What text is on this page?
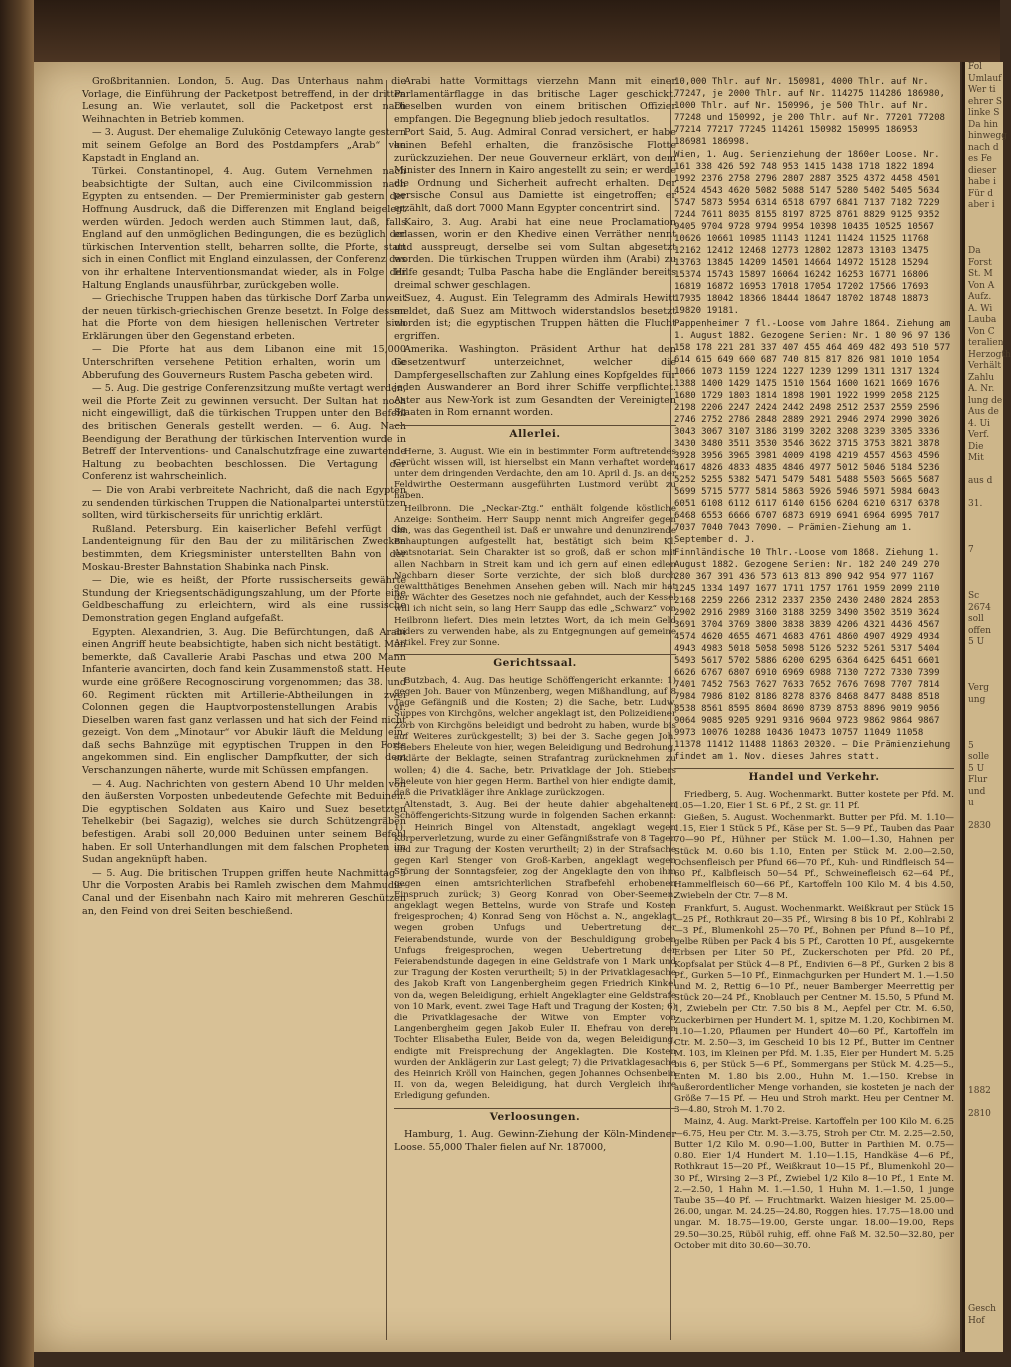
Großbritannien. London, 5. Aug. Das Unterhaus nahm die Vorlage, die Einführung der Packetpost betreffend, in der dritten Lesung an. Wie verlautet, soll die Packetpost erst nach Weihnachten in Betrieb kommen.

— 3. August. Der ehemalige Zulukönig Cetewayo langte gestern mit seinem Gefolge an Bord des Postdampfers „Arab“ von Kapstadt in England an.

Türkei. Constantinopel, 4. Aug. Gutem Vernehmen nach beabsichtigte der Sultan, auch eine Civilcommission nach Egypten zu entsenden. — Der Premierminister gab gestern der Hoffnung Ausdruck, daß die Differenzen mit England beigelegt werden würden. Jedoch werden auch Stimmen laut, daß, falls England auf den unmöglichen Bedingungen, die es bezüglich der türkischen Intervention stellt, beharren sollte, die Pforte, statt sich in einen Conflict mit England einzulassen, der Conferenz das von ihr erhaltene Interventionsmandat wieder, als in Folge der Haltung Englands unausführbar, zurückgeben wolle.

— Griechische Truppen haben das türkische Dorf Zarba unweit der neuen türkisch-griechischen Grenze besetzt. In Folge dessen hat die Pforte von dem hiesigen hellenischen Vertreter sich Erklärungen über den Gegenstand erbeten.

— Die Pforte hat aus dem Libanon eine mit 15,000 Unterschriften versehene Petition erhalten, worin um die Abberufung des Gouverneurs Rustem Pascha gebeten wird.

— 5. Aug. Die gestrige Conferenzsitzung mußte vertagt werden, weil die Pforte Zeit zu gewinnen versucht. Der Sultan hat noch nicht eingewilligt, daß die türkischen Truppen unter den Befehl des britischen Generals gestellt werden. — 6. Aug. Nach Beendigung der Berathung der türkischen Intervention wurde in Betreff der Interventions- und Canalschutzfrage eine zuwartende Haltung zu beobachten beschlossen. Die Vertagung der Conferenz ist wahrscheinlich.

— Die von Arabi verbreitete Nachricht, daß die nach Egypten zu sendenden türkischen Truppen die Nationalpartei unterstützen sollten, wird türkischerseits für unrichtig erklärt.

Rußland. Petersburg. Ein kaiserlicher Befehl verfügt die Landenteignung für den Bau der zu militärischen Zwecken bestimmten, dem Kriegsminister unterstellten Bahn von der Moskau-Brester Bahnstation Shabinka nach Pinsk.

— Die, wie es heißt, der Pforte russischerseits gewährte Stundung der Kriegsentschädigungszahlung, um der Pforte eine Geldbeschaffung zu erleichtern, wird als eine russische Demonstration gegen England aufgefaßt.

Egypten. Alexandrien, 3. Aug. Die Befürchtungen, daß Arabi einen Angriff heute beabsichtigte, haben sich nicht bestätigt. Man bemerkte, daß Cavallerie Arabi Paschas und etwa 200 Mann Infanterie avancirten, doch fand kein Zusammenstoß statt. Heute wurde eine größere Recognoscirung vorgenommen; das 38. und 60. Regiment rückten mit Artillerie-Abtheilungen in zwei Colonnen gegen die Hauptvorpostenstellungen Arabis vor. Dieselben waren fast ganz verlassen und hat sich der Feind nicht gezeigt. Von dem „Minotaur“ vor Abukir läuft die Meldung ein, daß sechs Bahnzüge mit egyptischen Truppen in den Forts angekommen sind. Ein englischer Dampfkutter, der sich dem Verschanzungen näherte, wurde mit Schüssen empfangen.

— 4. Aug. Nachrichten von gestern Abend 10 Uhr melden von den äußersten Vorposten unbedeutende Gefechte mit Beduinen. Die egyptischen Soldaten aus Kairo und Suez besetzten Tehelkebir (bei Sagazig), welches sie durch Schützengräben befestigen. Arabi soll 20,000 Beduinen unter seinem Befehl haben. Er soll Unterhandlungen mit dem falschen Propheten im Sudan angeknüpft haben.

— 5. Aug. Die britischen Truppen griffen heute Nachmittag 5 Uhr die Vorposten Arabis bei Ramleh zwischen dem Mahmudie-Canal und der Eisenbahn nach Kairo mit mehreren Geschützen an, den Feind von drei Seiten beschießend.

Arabi hatte Vormittags vierzehn Mann mit einer Parlamentärflagge in das britische Lager geschickt. Dieselben wurden von einem britischen Offizier empfangen. Die Begegnung blieb jedoch resultatlos.

Port Said, 5. Aug. Admiral Conrad versichert, er habe keinen Befehl erhalten, die französische Flotte zurückzuziehen. Der neue Gouverneur erklärt, von dem Minister des Innern in Kairo angestellt zu sein; er werde die Ordnung und Sicherheit aufrecht erhalten. Der persische Consul aus Damiette ist eingetroffen; er erzählt, daß dort 7000 Mann Egypter concentrirt sind.

Kairo, 3. Aug. Arabi hat eine neue Proclamation erlassen, worin er den Khedive einen Verräther nennt und ausspreugt, derselbe sei vom Sultan abgesetzt worden. Die türkischen Truppen würden ihm (Arabi) zu Hilfe gesandt; Tulba Pascha habe die Engländer bereits dreimal schwer geschlagen.

Suez, 4. August. Ein Telegramm des Admirals Hewitt meldet, daß Suez am Mittwoch widerstandslos besetzt worden ist; die egyptischen Truppen hätten die Flucht ergriffen.

Amerika. Washington. Präsident Arthur hat den Gesetzentwurf unterzeichnet, welcher die Dampfergesellschaften zur Zahlung eines Kopfgeldes für jeden Auswanderer an Bord ihrer Schiffe verpflichtet. Aster aus New-York ist zum Gesandten der Vereinigten Staaten in Rom ernannt worden.

Allerlei.

Herne, 3. August. Wie ein in bestimmter Form auftretendes Gerücht wissen will, ist hierselbst ein Mann verhaftet worden unter dem dringenden Verdachte, den am 10. April d. Js. an der Feldwirthe Oestermann ausgeführten Lustmord verübt zu haben.

Heilbronn. Die „Neckar-Ztg.“ enthält folgende köstliche Anzeige: Sontheim. Herr Saupp nennt mich Angreifer gegen ihn, was das Gegentheil ist. Daß er unwahre und denunzirende Behauptungen aufgestellt hat, bestätigt sich beim Kl. Amtsnotariat. Sein Charakter ist so groß, daß er schon mit allen Nachbarn in Streit kam und ich gern auf einen edlen Nachbarn dieser Sorte verzichte, der sich bloß durch gewaltthätiges Benehmen Ansehen geben will. Nach mir hat der Wächter des Gesetzes noch nie gefahndet, auch der Kessel will ich nicht sein, so lang Herr Saupp das edle „Schwarz“ von Heilbronn liefert. Dies mein letztes Wort, da ich mein Geld anders zu verwenden habe, als zu Entgegnungen auf gemeine Artikel. Frey zur Sonne.

Gerichtssaal.

Butzbach, 4. Aug. Das heutige Schöffengericht erkannte: 1) gegen Joh. Bauer von Münzenberg, wegen Mißhandlung, auf 8 Tage Gefängniß und die Kosten; 2) die Sache, betr. Ludw. Suppes von Kirchgöns, welcher angeklagt ist, den Polizeidiener Zörb von Kirchgöns beleidigt und bedroht zu haben, wurde bis auf Weiteres zurückgestellt; 3) bei der 3. Sache gegen Joh. Stiebers Eheleute von hier, wegen Beleidigung und Bedrohung, erklärte der Beklagte, seinen Strafantrag zurücknehmen zu wollen; 4) die 4. Sache, betr. Privatklage der Joh. Stiebers Eheleute von hier gegen Herm. Barthel von hier endigte damit, daß die Privatkläger ihre Anklage zurückzogen.

Altenstadt, 3. Aug. Bei der heute dahier abgehaltenen Schöffengerichts-Sitzung wurde in folgenden Sachen erkannt: 1) Heinrich Bingel von Altenstadt, angeklagt wegen Körperverletzung, wurde zu einer Gefängnißstrafe von 8 Tagen und zur Tragung der Kosten verurtheilt; 2) in der Strafsache gegen Karl Stenger von Groß-Karben, angeklagt wegen Störung der Sonntagsfeier, zog der Angeklagte den von ihm gegen einen amtsrichterlichen Strafbefehl erhobenen Einspruch zurück; 3) Georg Konrad von Ober-Seemen, angeklagt wegen Bettelns, wurde von Strafe und Kosten freigesprochen; 4) Konrad Seng von Höchst a. N., angeklagt wegen groben Unfugs und Uebertretung der Feierabendstunde, wurde von der Beschuldigung groben Unfugs freigesprochen, wegen Uebertretung der Feierabendstunde dagegen in eine Geldstrafe von 1 Mark und zur Tragung der Kosten verurtheilt; 5) in der Privatklagesache des Jakob Kraft von Langenbergheim gegen Friedrich Kinkel von da, wegen Beleidigung, erhielt Angeklagter eine Geldstrafe von 10 Mark, event. zwei Tage Haft und Tragung der Kosten; 6) die Privatklagesache der Witwe von Empter von Langenbergheim gegen Jakob Euler II. Ehefrau von deren Tochter Elisabetha Euler, Beide von da, wegen Beleidigung, endigte mit Freisprechung der Angeklagten. Die Kosten wurden der Anklägerin zur Last gelegt; 7) die Privatklagesache des Heinrich Kröll von Hainchen, gegen Johannes Ochsenbein II. von da, wegen Beleidigung, hat durch Vergleich ihre Erledigung gefunden.

Verloosungen.

Hamburg, 1. Aug. Gewinn-Ziehung der Köln-Mindener Loose. 55,000 Thaler fielen auf Nr. 187000,

10,000 Thlr. auf Nr. 150981, 4000 Thlr. auf Nr. 77247, je 2000 Thlr. auf Nr. 114275 114286 186980, 1000 Thlr. auf Nr. 150996, je 500 Thlr. auf Nr. 77248 und 150992, je 200 Thlr. auf Nr. 77201 77208 77214 77217 77245 114261 150982 150995 186953 186981 186998.

Wien, 1. Aug. Serienziehung der 1860er Loose. Nr. 161 338 426 592 748 953 1415 1438 1718 1822 1894 1992 2376 2758 2796 2807 2887 3525 4372 4458 4501 4524 4543 4620 5082 5088 5147 5280 5402 5405 5634 5747 5873 5954 6314 6518 6797 6841 7137 7182 7229 7244 7611 8035 8155 8197 8725 8761 8829 9125 9352 9405 9704 9728 9794 9954 10398 10435 10525 10567 10626 10661 10985 11143 11241 11424 11525 11768 12162 12412 12468 12773 12802 12873 13103 13475 13763 13845 14209 14501 14664 14972 15128 15294 15374 15743 15897 16064 16242 16253 16771 16806 16819 16872 16953 17018 17054 17202 17566 17693 17935 18042 18366 18444 18647 18702 18748 18873 19820 19181.

Pappenheimer 7 fl.-Loose vom Jahre 1864. Ziehung am 1. August 1882. Gezogene Serien: Nr. 1 80 96 97 136 158 178 221 281 337 407 455 464 469 482 493 510 577 614 615 649 660 687 740 815 817 826 981 1010 1054 1066 1073 1159 1224 1227 1239 1299 1311 1317 1324 1388 1400 1429 1475 1510 1564 1600 1621 1669 1676 1680 1729 1803 1814 1898 1901 1922 1999 2058 2125 2198 2206 2247 2424 2442 2498 2512 2537 2559 2596 2746 2752 2786 2848 2889 2921 2946 2974 2990 3026 3043 3067 3107 3186 3199 3202 3208 3239 3305 3336 3430 3480 3511 3530 3546 3622 3715 3753 3821 3878 3928 3956 3965 3981 4009 4198 4219 4557 4563 4596 4617 4826 4833 4835 4846 4977 5012 5046 5184 5236 5252 5255 5382 5471 5479 5481 5488 5503 5665 5687 5699 5715 5777 5814 5863 5926 5946 5971 5984 6043 6051 6108 6112 6117 6140 6156 6204 6210 6317 6378 6468 6553 6666 6707 6873 6919 6941 6964 6995 7017 7037 7040 7043 7090. — Prämien-Ziehung am 1. September d. J.

Finnländische 10 Thlr.-Loose vom 1868. Ziehung 1. August 1882. Gezogene Serien: Nr. 182 240 249 270 280 367 391 436 573 613 813 890 942 954 977 1167 1245 1334 1497 1677 1711 1757 1761 1959 2099 2110 2168 2259 2266 2312 2337 2350 2430 2480 2824 2853 2902 2916 2989 3160 3188 3259 3490 3502 3519 3624 3691 3704 3769 3800 3838 3839 4206 4321 4436 4567 4574 4620 4655 4671 4683 4761 4860 4907 4929 4934 4943 4983 5018 5058 5098 5126 5232 5261 5317 5404 5493 5617 5702 5886 6200 6295 6364 6425 6451 6601 6626 6767 6807 6910 6969 6988 7130 7272 7330 7399 7401 7452 7563 7627 7633 7652 7676 7698 7707 7814 7984 7986 8102 8186 8278 8376 8468 8477 8488 8518 8538 8561 8595 8604 8690 8739 8753 8896 9019 9056 9064 9085 9205 9291 9316 9604 9723 9862 9864 9867 9973 10076 10288 10436 10473 10757 11049 11058 11378 11412 11488 11863 20320. — Die Prämienziehung findet am 1. Nov. dieses Jahres statt.

Handel und Verkehr.

Friedberg, 5. Aug. Wochenmarkt. Butter kostete per Pfd. M. 1.05—1.20, Eier 1 St. 6 Pf., 2 St. gr. 11 Pf.

Gießen, 5. August. Wochenmarkt. Butter per Pfd. M. 1.10—1.15, Eier 1 Stück 5 Pf., Käse per St. 5—9 Pf., Tauben das Paar 70—90 Pf., Hühner per Stück M. 1.00—1.30, Hahnen per Stück M. 0.60 bis 1.10, Enten per Stück M. 2.00—2.50, Ochsenfleisch per Pfund 66—70 Pf., Kuh- und Rindfleisch 54—60 Pf., Kalbfleisch 50—54 Pf., Schweinefleisch 62—64 Pf., Hammelfleisch 60—66 Pf., Kartoffeln 100 Kilo M. 4 bis 4.50, Zwiebeln der Ctr. 7—8 M.

Frankfurt, 5. August. Wochenmarkt. Weißkraut per Stück 15—25 Pf., Rothkraut 20—35 Pf., Wirsing 8 bis 10 Pf., Kohlrabi 2—3 Pf., Blumenkohl 25—70 Pf., Bohnen per Pfund 8—10 Pf., gelbe Rüben per Pack 4 bis 5 Pf., Carotten 10 Pf., ausgekernte Erbsen per Liter 50 Pf., Zuckerschoten per Pfd. 20 Pf., Kopfsalat per Stück 4—8 Pf., Endivien 6—8 Pf., Gurken 2 bis 8 Pf., Gurken 5—10 Pf., Einmachgurken per Hundert M. 1.—1.50 und M. 2, Rettig 6—10 Pf., neuer Bamberger Meerrettig per Stück 20—24 Pf., Knoblauch per Centner M. 15.50, 5 Pfund M. 1, Zwiebeln per Ctr. 7.50 bis 8 M., Aepfel per Ctr. M. 6.50, Zuckerbirnen per Hundert M. 1, spitze M. 1.20, Kochbirnen M. 1.10—1.20, Pflaumen per Hundert 40—60 Pf., Kartoffeln im Ctr. M. 2.50—3, im Gescheid 10 bis 12 Pf., Butter im Centner M. 103, im Kleinen per Pfd. M. 1.35, Eier per Hundert M. 5.25 bis 6, per Stück 5—6 Pf., Sommergans per Stück M. 4.25—5., Enten M. 1.80 bis 2.00., Huhn M. 1.—150. Krebse in außerordentlicher Menge vorhanden, sie kosteten je nach der Größe 7—15 Pf. — Heu und Stroh markt. Heu per Centner M. 3—4.80, Stroh M. 1.70 2.

Mainz, 4. Aug. Markt-Preise. Kartoffeln per 100 Kilo M. 6.25—6.75, Heu per Ctr. M. 3.—3.75, Stroh per Ctr. M. 2.25—2.50, Butter 1/2 Kilo M. 0.90—1.00, Butter in Parthien M. 0.75—0.80. Eier 1/4 Hundert M. 1.10—1.15, Handkäse 4—6 Pf., Rothkraut 15—20 Pf., Weißkraut 10—15 Pf., Blumenkohl 20—30 Pf., Wirsing 2—3 Pf., Zwiebel 1/2 Kilo 8—10 Pf., 1 Ente M. 2.—2.50, 1 Hahn M. 1.—1.50, 1 Huhn M. 1.—1.50, 1 junge Taube 35—40 Pf. — Fruchtmarkt. Waizen hiesiger M. 25.00—26.00, ungar. M. 24.25—24.80, Roggen hies. 17.75—18.00 und ungar. M. 18.75—19.00, Gerste ungar. 18.00—19.00, Reps 29.50—30.25, Rüböl ruhig, eff. ohne Faß M. 32.50—32.80, per October mit dito 30.60—30.70.

Fol
Umlauf
Wer ti
ehrer S
linke S
Da hin
hinwegg
nach d
es Fe
dieser
habe i
Für d
aber i

Da
Forst
St. M
Von A
Aufz.
A. Wi
Lauba
Von C
teralien
Herzogth
Verhält
Zahlu
A. Nr.
lung de
Aus de
4. Ui
Verf.
Die
Mit

aus d

31.

7

Sc
2674
soll
offen
5 U

Verg
ung

5
solle
5 U
Flur
und
u

2830

1882

2810

Gesch
Hof
